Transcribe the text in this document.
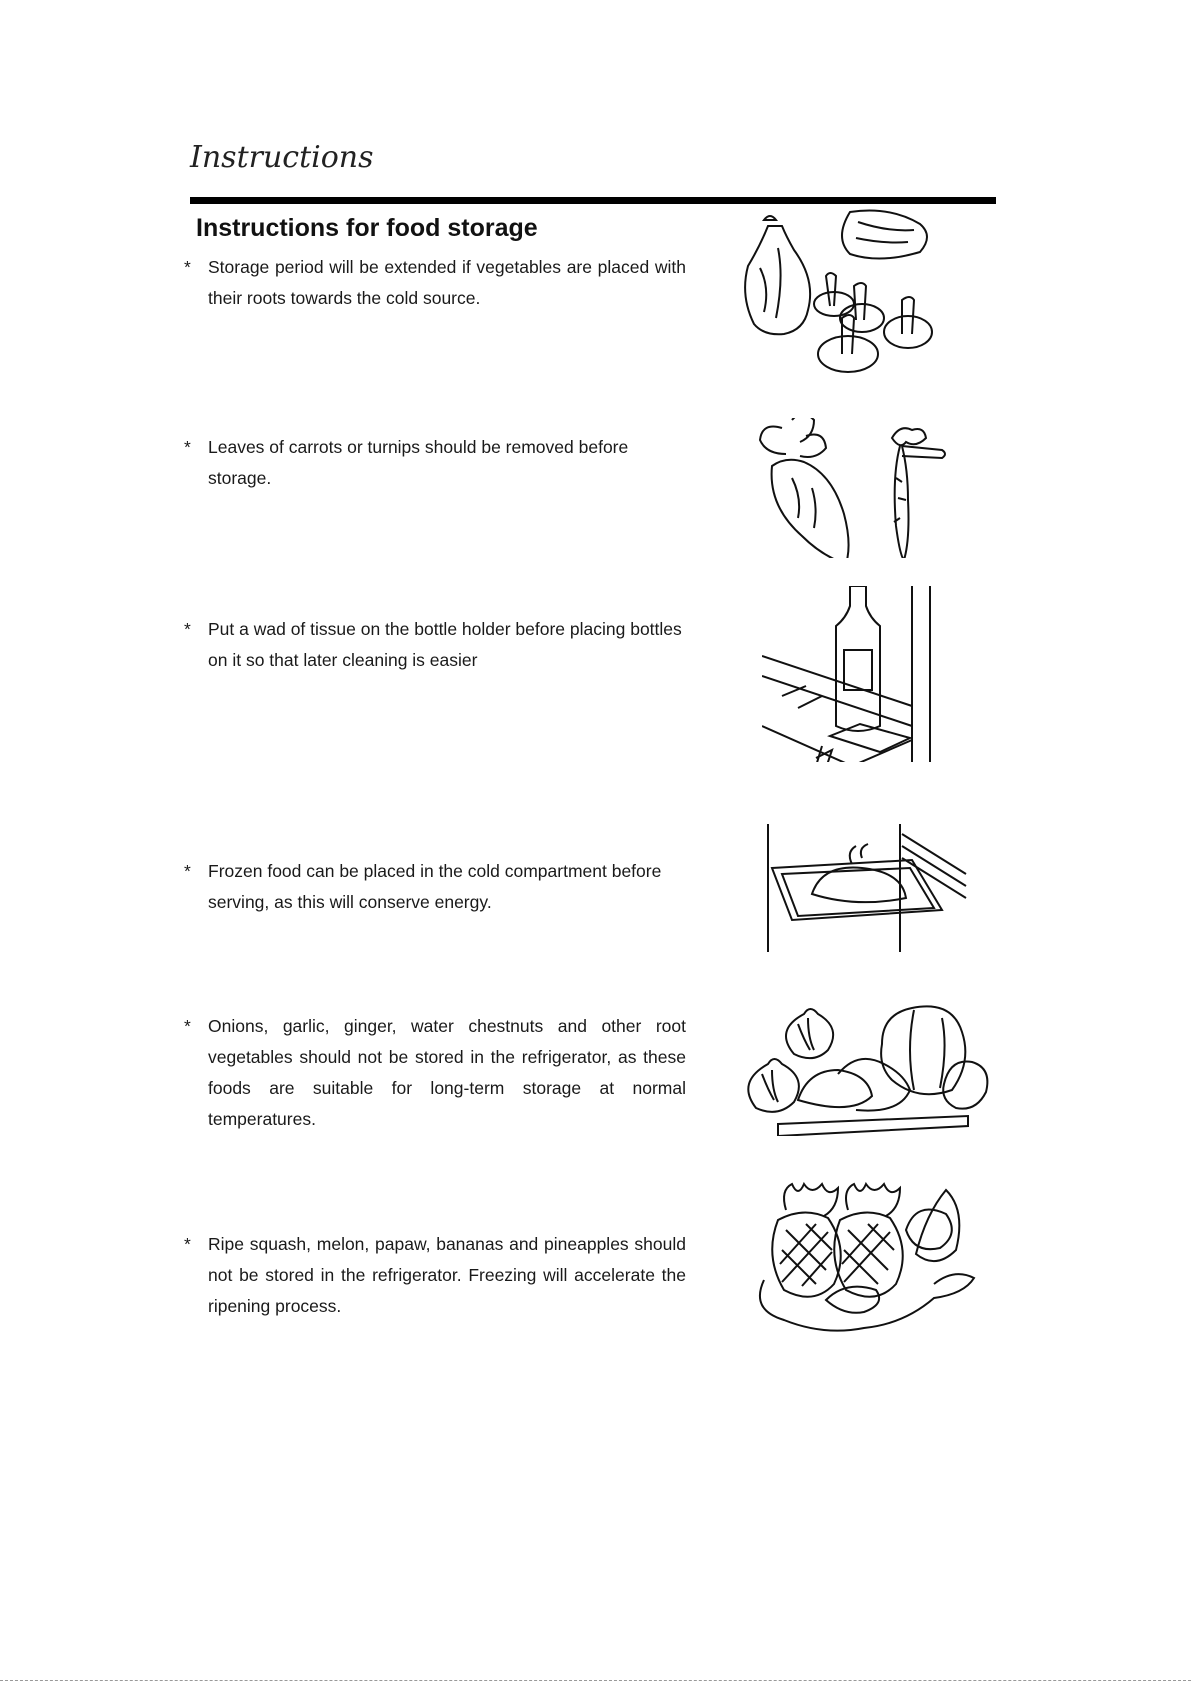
Instructions
Instructions for food storage
* Storage period will be extended if vegetables are placed with their roots towards the cold source.
* Leaves of carrots or turnips should be removed before storage.
* Put a wad of tissue on the bottle holder before placing bottles on it so that later cleaning is easier
* Frozen food can be placed in the cold compartment before serving, as this will conserve energy.
* Onions, garlic, ginger, water chestnuts and other root vegetables should not be stored in the refrigerator, as these foods are suitable for long-term storage at normal temperatures.
* Ripe squash, melon, papaw, bananas and pineapples should not be stored in the refrigerator. Freezing will accelerate the ripening process.
